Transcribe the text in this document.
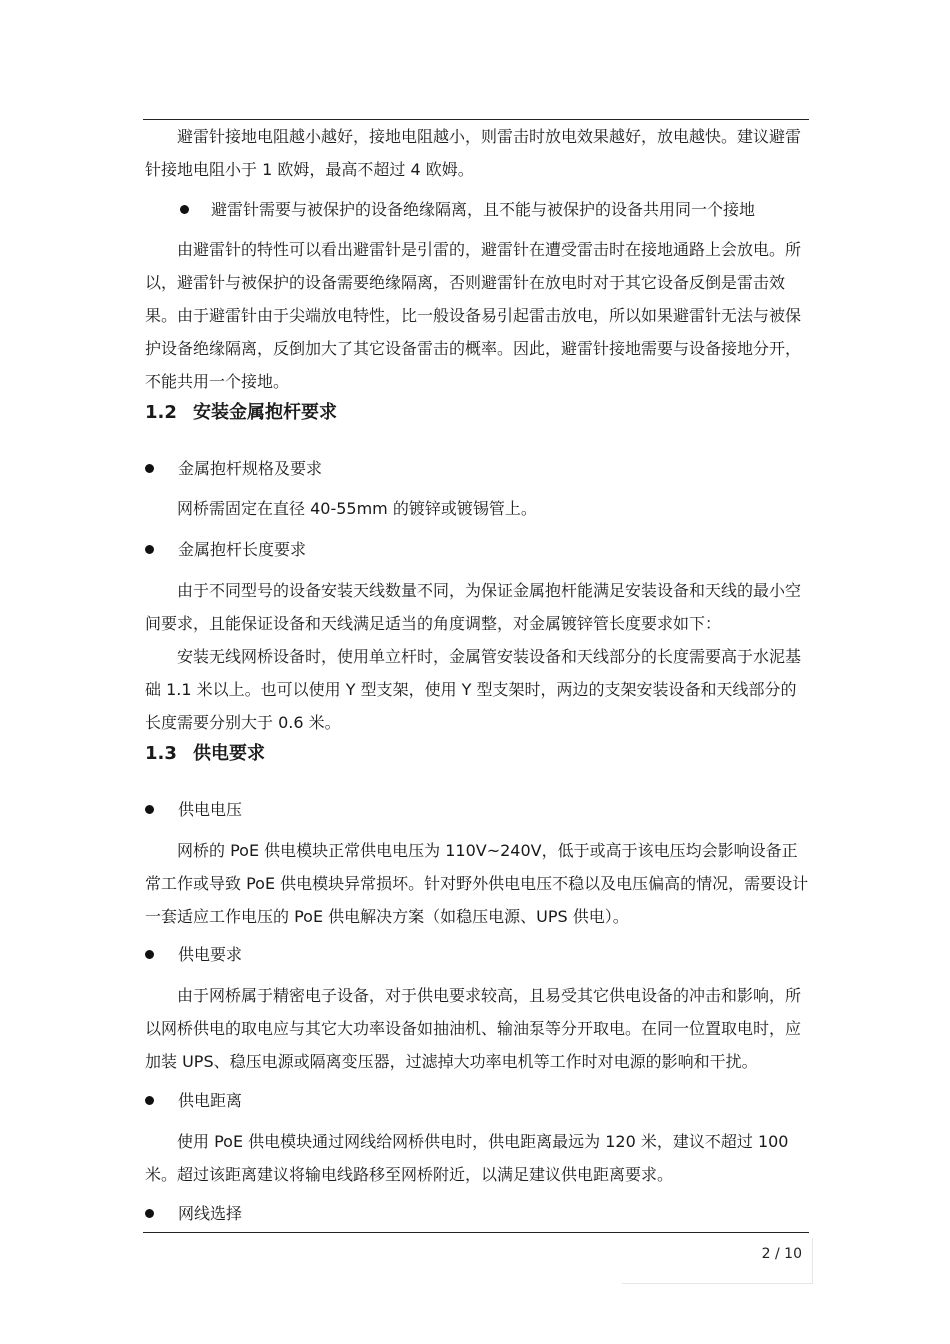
避雷针接地电阻越小越好，接地电阻越小，则雷击时放电效果越好，放电越快。建议避雷针接地电阻小于 1 欧姆，最高不超过 4 欧姆。

避雷针需要与被保护的设备绝缘隔离，且不能与被保护的设备共用同一个接地

由避雷针的特性可以看出避雷针是引雷的，避雷针在遭受雷击时在接地通路上会放电。所以，避雷针与被保护的设备需要绝缘隔离，否则避雷针在放电时对于其它设备反倒是雷击效果。由于避雷针由于尖端放电特性，比一般设备易引起雷击放电，所以如果避雷针无法与被保护设备绝缘隔离，反倒加大了其它设备雷击的概率。因此，避雷针接地需要与设备接地分开，不能共用一个接地。

1.2 安装金属抱杆要求
金属抱杆规格及要求

网桥需固定在直径 40-55mm 的镀锌或镀锡管上。

金属抱杆长度要求

由于不同型号的设备安装天线数量不同，为保证金属抱杆能满足安装设备和天线的最小空间要求，且能保证设备和天线满足适当的角度调整，对金属镀锌管长度要求如下：

安装无线网桥设备时，使用单立杆时，金属管安装设备和天线部分的长度需要高于水泥基础 1.1 米以上。也可以使用 Y 型支架，使用 Y 型支架时，两边的支架安装设备和天线部分的长度需要分别大于 0.6 米。

1.3 供电要求
供电电压

网桥的 PoE 供电模块正常供电电压为 110V~240V，低于或高于该电压均会影响设备正常工作或导致 PoE 供电模块异常损坏。针对野外供电电压不稳以及电压偏高的情况，需要设计一套适应工作电压的 PoE 供电解决方案（如稳压电源、UPS 供电）。

供电要求

由于网桥属于精密电子设备，对于供电要求较高，且易受其它供电设备的冲击和影响，所以网桥供电的取电应与其它大功率设备如抽油机、输油泵等分开取电。在同一位置取电时，应加装 UPS、稳压电源或隔离变压器，过滤掉大功率电机等工作时对电源的影响和干扰。

供电距离

使用 PoE 供电模块通过网线给网桥供电时，供电距离最远为 120 米，建议不超过 100 米。超过该距离建议将输电线路移至网桥附近，以满足建议供电距离要求。

网线选择
2 / 10
